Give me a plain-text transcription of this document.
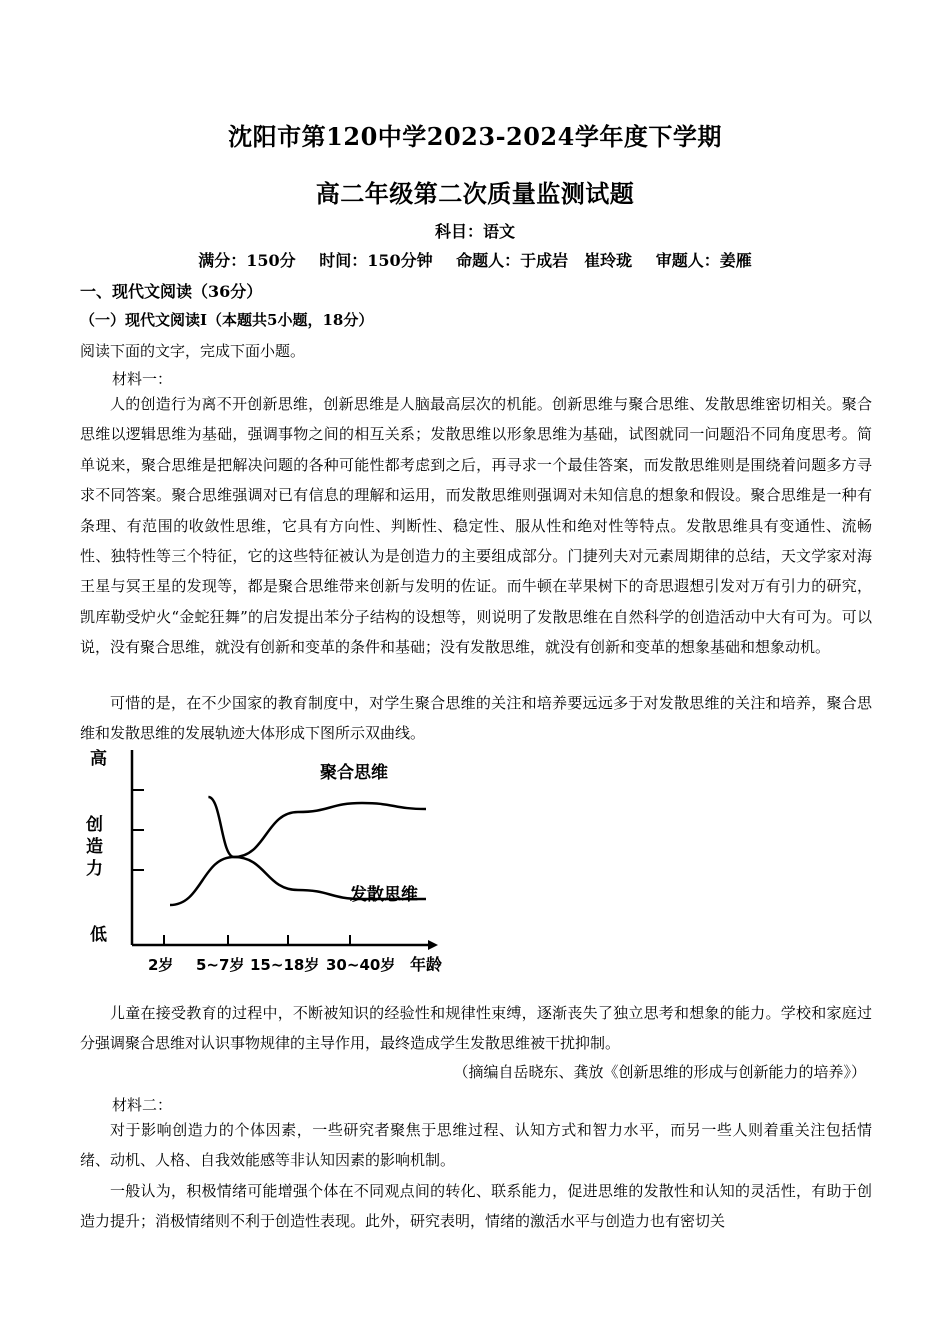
沈阳市第120中学2023-2024学年度下学期
高二年级第二次质量监测试题
科目：语文
满分：150分 时间：150分钟 命题人：于成岩　崔玲珑 审题人：姜雁
一、现代文阅读（36分）
（一）现代文阅读Ⅰ（本题共5小题，18分）
阅读下面的文字，完成下面小题。
材料一：
人的创造行为离不开创新思维，创新思维是人脑最高层次的机能。创新思维与聚合思维、发散思维密切相关。聚合思维以逻辑思维为基础，强调事物之间的相互关系；发散思维以形象思维为基础，试图就同一问题沿不同角度思考。简单说来，聚合思维是把解决问题的各种可能性都考虑到之后，再寻求一个最佳答案，而发散思维则是围绕着问题多方寻求不同答案。聚合思维强调对已有信息的理解和运用，而发散思维则强调对未知信息的想象和假设。聚合思维是一种有条理、有范围的收敛性思维，它具有方向性、判断性、稳定性、服从性和绝对性等特点。发散思维具有变通性、流畅性、独特性等三个特征，它的这些特征被认为是创造力的主要组成部分。门捷列夫对元素周期律的总结，天文学家对海王星与冥王星的发现等，都是聚合思维带来创新与发明的佐证。而牛顿在苹果树下的奇思遐想引发对万有引力的研究，凯库勒受炉火“金蛇狂舞”的启发提出苯分子结构的设想等，则说明了发散思维在自然科学的创造活动中大有可为。可以说，没有聚合思维，就没有创新和变革的条件和基础；没有发散思维，就没有创新和变革的想象基础和想象动机。
可惜的是，在不少国家的教育制度中，对学生聚合思维的关注和培养要远远多于对发散思维的关注和培养，聚合思维和发散思维的发展轨迹大体形成下图所示双曲线。
高
低
创
造
力
2岁 5~7岁 15~18岁 30~40岁 年龄
聚合思维
发散思维
儿童在接受教育的过程中，不断被知识的经验性和规律性束缚，逐渐丧失了独立思考和想象的能力。学校和家庭过分强调聚合思维对认识事物规律的主导作用，最终造成学生发散思维被干扰抑制。
（摘编自岳晓东、龚放《创新思维的形成与创新能力的培养》）
材料二：
对于影响创造力的个体因素，一些研究者聚焦于思维过程、认知方式和智力水平，而另一些人则着重关注包括情绪、动机、人格、自我效能感等非认知因素的影响机制。
一般认为，积极情绪可能增强个体在不同观点间的转化、联系能力，促进思维的发散性和认知的灵活性，有助于创造力提升；消极情绪则不利于创造性表现。此外，研究表明，情绪的激活水平与创造力也有密切关
